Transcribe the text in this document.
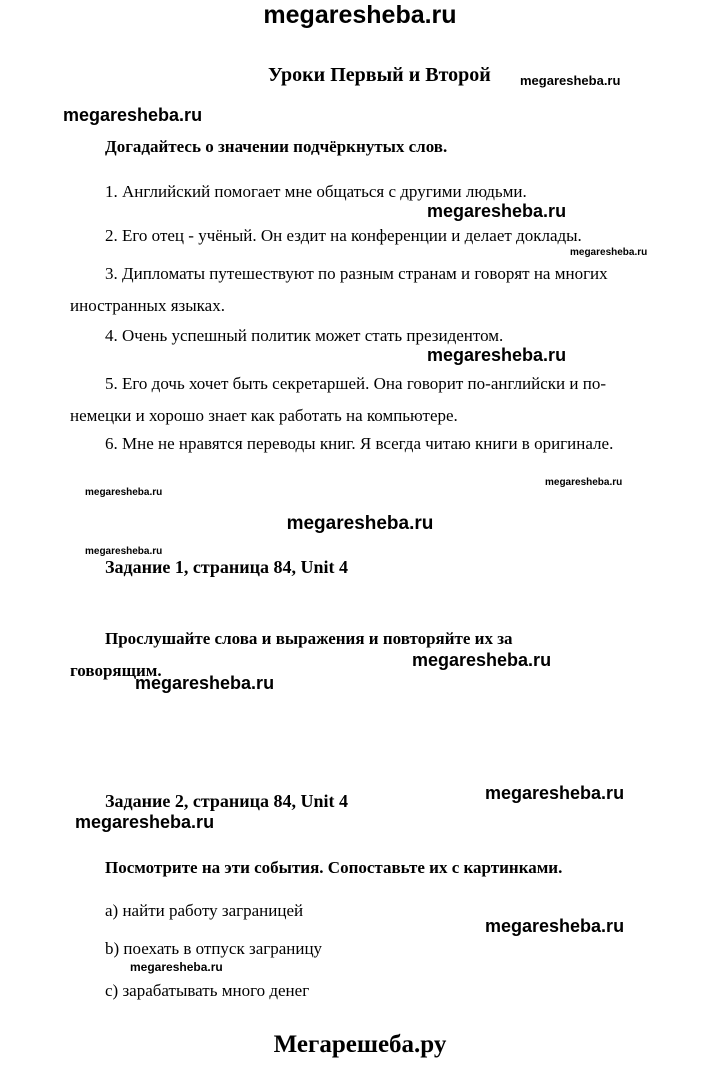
megaresheba.ru
Уроки Первый и Второй megaresheba.ru
megaresheba.ru
Догадайтесь о значении подчёркнутых слов.
1. Английский помогает мне общаться с другими людьми.
megaresheba.ru
2. Его отец - учёный. Он ездит на конференции и делает доклады.
megaresheba.ru
3. Дипломаты путешествуют по разным странам и говорят на многих иностранных языках.
4. Очень успешный политик может стать президентом.
megaresheba.ru
5. Его дочь хочет быть секретаршей. Она говорит по-английски и по-немецки и хорошо знает как работать на компьютере.
6. Мне не нравятся переводы книг. Я всегда читаю книги в оригинале.
megaresheba.ru
megaresheba.ru
megaresheba.ru
megaresheba.ru
Задание 1, страница 84, Unit 4
Прослушайте слова и выражения и повторяйте их за говорящим.
megaresheba.ru
megaresheba.ru
megaresheba.ru
Задание 2, страница 84, Unit 4
megaresheba.ru
Посмотрите на эти события. Сопоставьте их с картинками.
a) найти работу заграницей
megaresheba.ru
b) поехать в отпуск заграницу
megaresheba.ru
c) зарабатывать много денег
Мегарешеба.ру
